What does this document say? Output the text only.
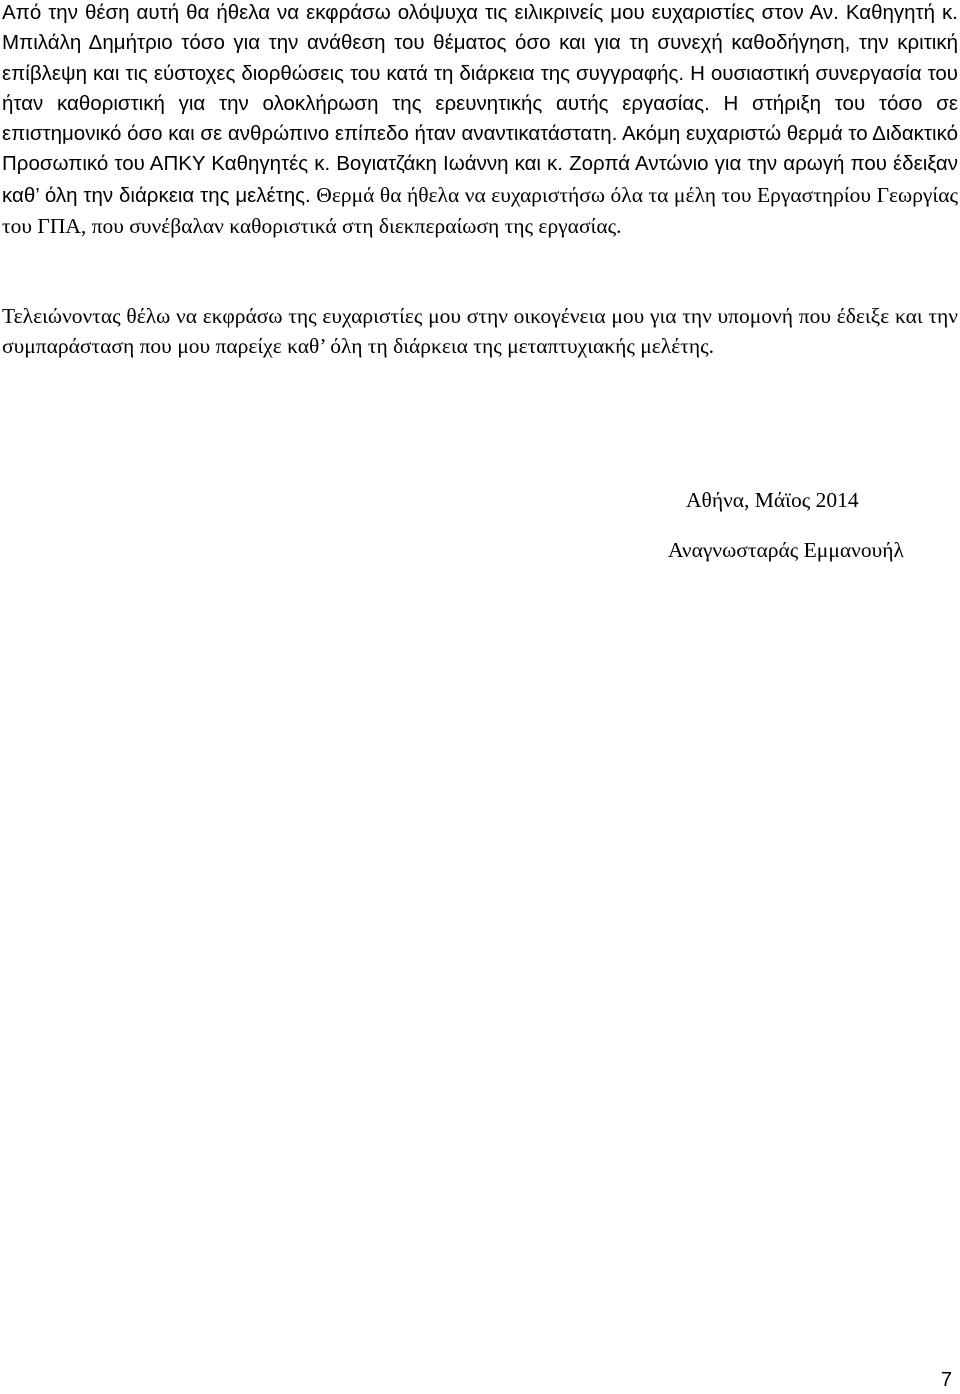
Από την θέση αυτή θα ήθελα να εκφράσω ολόψυχα τις ειλικρινείς μου ευχαριστίες στον Αν. Καθηγητή κ. Μπιλάλη Δημήτριο τόσο για την ανάθεση του θέματος όσο και για τη συνεχή καθοδήγηση, την κριτική επίβλεψη και τις εύστοχες διορθώσεις του κατά τη διάρκεια της συγγραφής. Η ουσιαστική συνεργασία του ήταν καθοριστική για την ολοκλήρωση της ερευνητικής αυτής εργασίας. Η στήριξη του τόσο σε επιστημονικό όσο και σε ανθρώπινο επίπεδο ήταν αναντικατάστατη. Ακόμη ευχαριστώ θερμά το Διδακτικό Προσωπικό του ΑΠΚΥ Καθηγητές κ. Βογιατζάκη Ιωάννη και κ. Ζορπά Αντώνιο για την αρωγή που έδειξαν καθ’ όλη την διάρκεια της μελέτης. Θερμά θα ήθελα να ευχαριστήσω όλα τα μέλη του Εργαστηρίου Γεωργίας του ΓΠΑ, που συνέβαλαν καθοριστικά στη διεκπεραίωση της εργασίας.

Τελειώνοντας θέλω να εκφράσω της ευχαριστίες μου στην οικογένεια μου για την υπομονή που έδειξε και την συμπαράσταση που μου παρείχε καθ’ όλη τη διάρκεια της μεταπτυχιακής μελέτης.

Αθήνα, Μάϊος 2014

Αναγνωσταράς Εμμανουήλ

7
